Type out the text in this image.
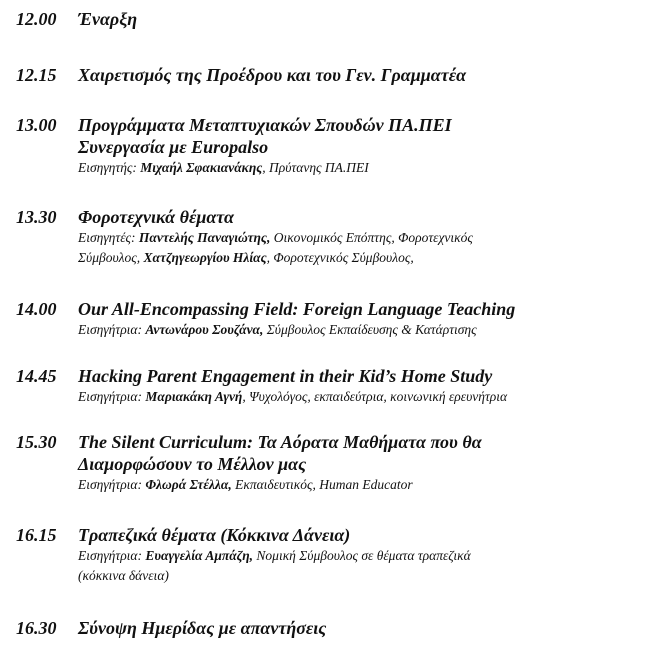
12.00	Έναρξη
12.15	Χαιρετισμός της Προέδρου και του Γεν. Γραμματέα
13.00	Προγράμματα Μεταπτυχιακών Σπουδών ΠΑ.ΠΕΙ
Συνεργασία με Europalso
Εισηγητής: Μιχαήλ Σφακιανάκης, Πρύτανης ΠΑ.ΠΕΙ
13.30	Φοροτεχνικά θέματα
Εισηγητές: Παντελής Παναγιώτης, Οικονομικός Επόπτης, Φοροτεχνικός
Σύμβουλος, Χατζηγεωργίου Ηλίας, Φοροτεχνικός Σύμβουλος,
14.00	Our All-Encompassing Field: Foreign Language Teaching
Εισηγήτρια: Αντωνάρου Σουζάνα, Σύμβουλος Εκπαίδευσης & Κατάρτισης
14.45	Hacking Parent Engagement in their Kid’s Home Study
Εισηγήτρια: Μαριακάκη Αγνή, Ψυχολόγος, εκπαιδεύτρια, κοινωνική ερευνήτρια
15.30	The Silent Curriculum: Τα Αόρατα Μαθήματα που θα
Διαμορφώσουν το Μέλλον μας
Εισηγήτρια: Φλωρά Στέλλα, Εκπαιδευτικός, Human Educator
16.15	Τραπεζικά θέματα (Κόκκινα Δάνεια)
Εισηγήτρια: Ευαγγελία Αμπάζη, Νομική Σύμβουλος σε θέματα τραπεζικά
(κόκκινα δάνεια)
16.30	Σύνοψη Ημερίδας με απαντήσεις
